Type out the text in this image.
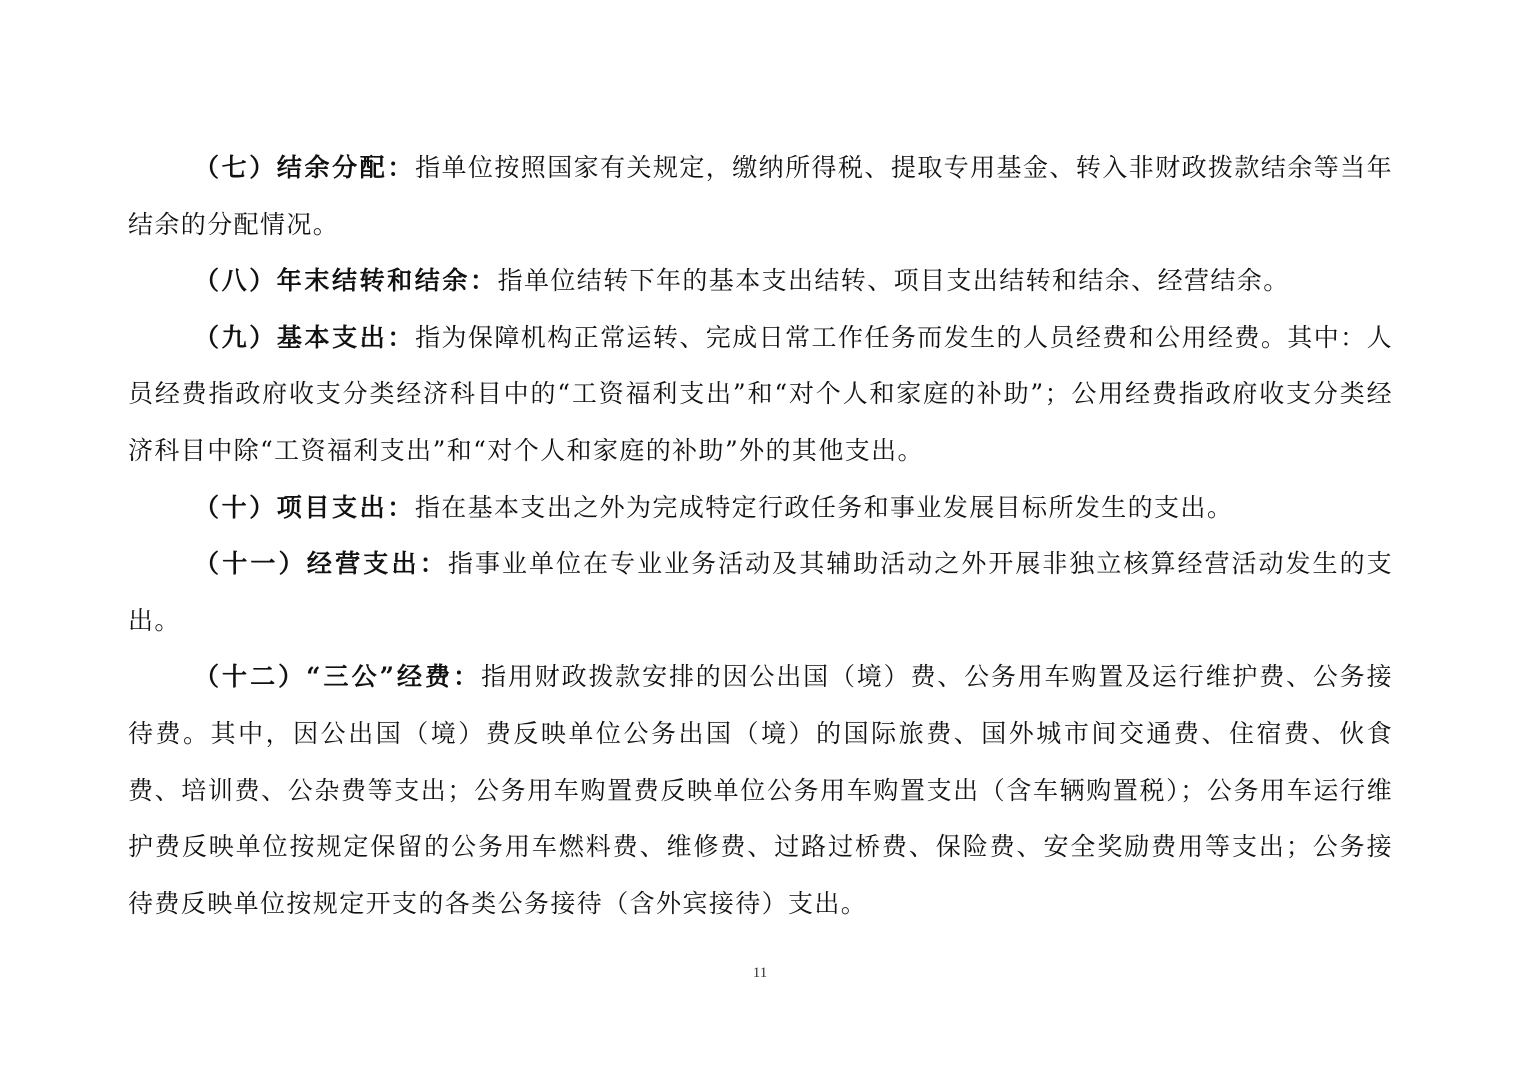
（七）结余分配：指单位按照国家有关规定，缴纳所得税、提取专用基金、转入非财政拨款结余等当年结余的分配情况。

（八）年末结转和结余：指单位结转下年的基本支出结转、项目支出结转和结余、经营结余。

（九）基本支出：指为保障机构正常运转、完成日常工作任务而发生的人员经费和公用经费。其中：人员经费指政府收支分类经济科目中的“工资福利支出”和“对个人和家庭的补助”；公用经费指政府收支分类经济科目中除“工资福利支出”和“对个人和家庭的补助”外的其他支出。

（十）项目支出：指在基本支出之外为完成特定行政任务和事业发展目标所发生的支出。

（十一）经营支出：指事业单位在专业业务活动及其辅助活动之外开展非独立核算经营活动发生的支出。

（十二）“三公”经费：指用财政拨款安排的因公出国（境）费、公务用车购置及运行维护费、公务接待费。其中，因公出国（境）费反映单位公务出国（境）的国际旅费、国外城市间交通费、住宿费、伙食费、培训费、公杂费等支出；公务用车购置费反映单位公务用车购置支出（含车辆购置税）；公务用车运行维护费反映单位按规定保留的公务用车燃料费、维修费、过路过桥费、保险费、安全奖励费用等支出；公务接待费反映单位按规定开支的各类公务接待（含外宾接待）支出。

11
